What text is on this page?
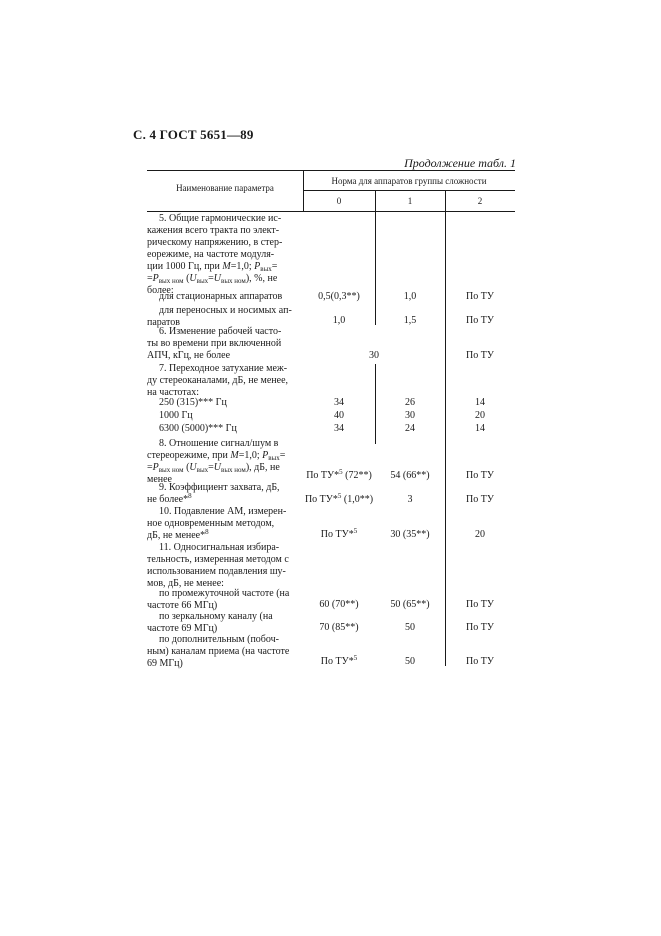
С. 4 ГОСТ 5651—89
Продолжение табл. 1
Наименование параметра
Норма для аппаратов группы сложности
0	1	2
5. Общие гармонические ис-
кажения всего тракта по элект-
рическому напряжению, в стер-
еорежиме, на частоте модуля-
ции 1000 Гц, при M=1,0; $P_{вых}=$
$=P_{вых ном}$ $(U_{вых}=U_{вых ном})$, %, не
более:
для стационарных аппаратов	0,5(0,3**)	1,0	По ТУ
для переносных и носимых ап-
паратов	1,0	1,5	По ТУ
6. Изменение рабочей часто-
ты во времени при включенной
АПЧ, кГц, не более	30	По ТУ
7. Переходное затухание меж-
ду стереоканалами, дБ, не менее,
на частотах:
250 (315)*** Гц	34	26	14
1000 Гц	40	30	20
6300 (5000)*** Гц	34	24	14
8. Отношение сигнал/шум в
стереорежиме, при M=1,0; $P_{вых}=$
$=P_{вых ном}$ $(U_{вых}=U_{вых ном})$, дБ, не
менее	По ТУ*$^5$ (72**)	54 (66**)	По ТУ
9. Коэффициент захвата, дБ,
не более*$^8$	По ТУ*$^5$ (1,0**)	3	По ТУ
10. Подавление АМ, измерен-
ное одновременным методом,
дБ, не менее*$^8$	По ТУ*$^5$	30 (35**)	20
11. Односигнальная избира-
тельность, измеренная методом с
использованием подавления шу-
мов, дБ, не менее:
по промежуточной частоте (на
частоте 66 МГц)	60 (70**)	50 (65**)	По ТУ
по зеркальному каналу (на
частоте 69 МГц)	70 (85**)	50	По ТУ
по дополнительным (побоч-
ным) каналам приема (на частоте
69 МГц)	По ТУ*$^5$	50	По ТУ
